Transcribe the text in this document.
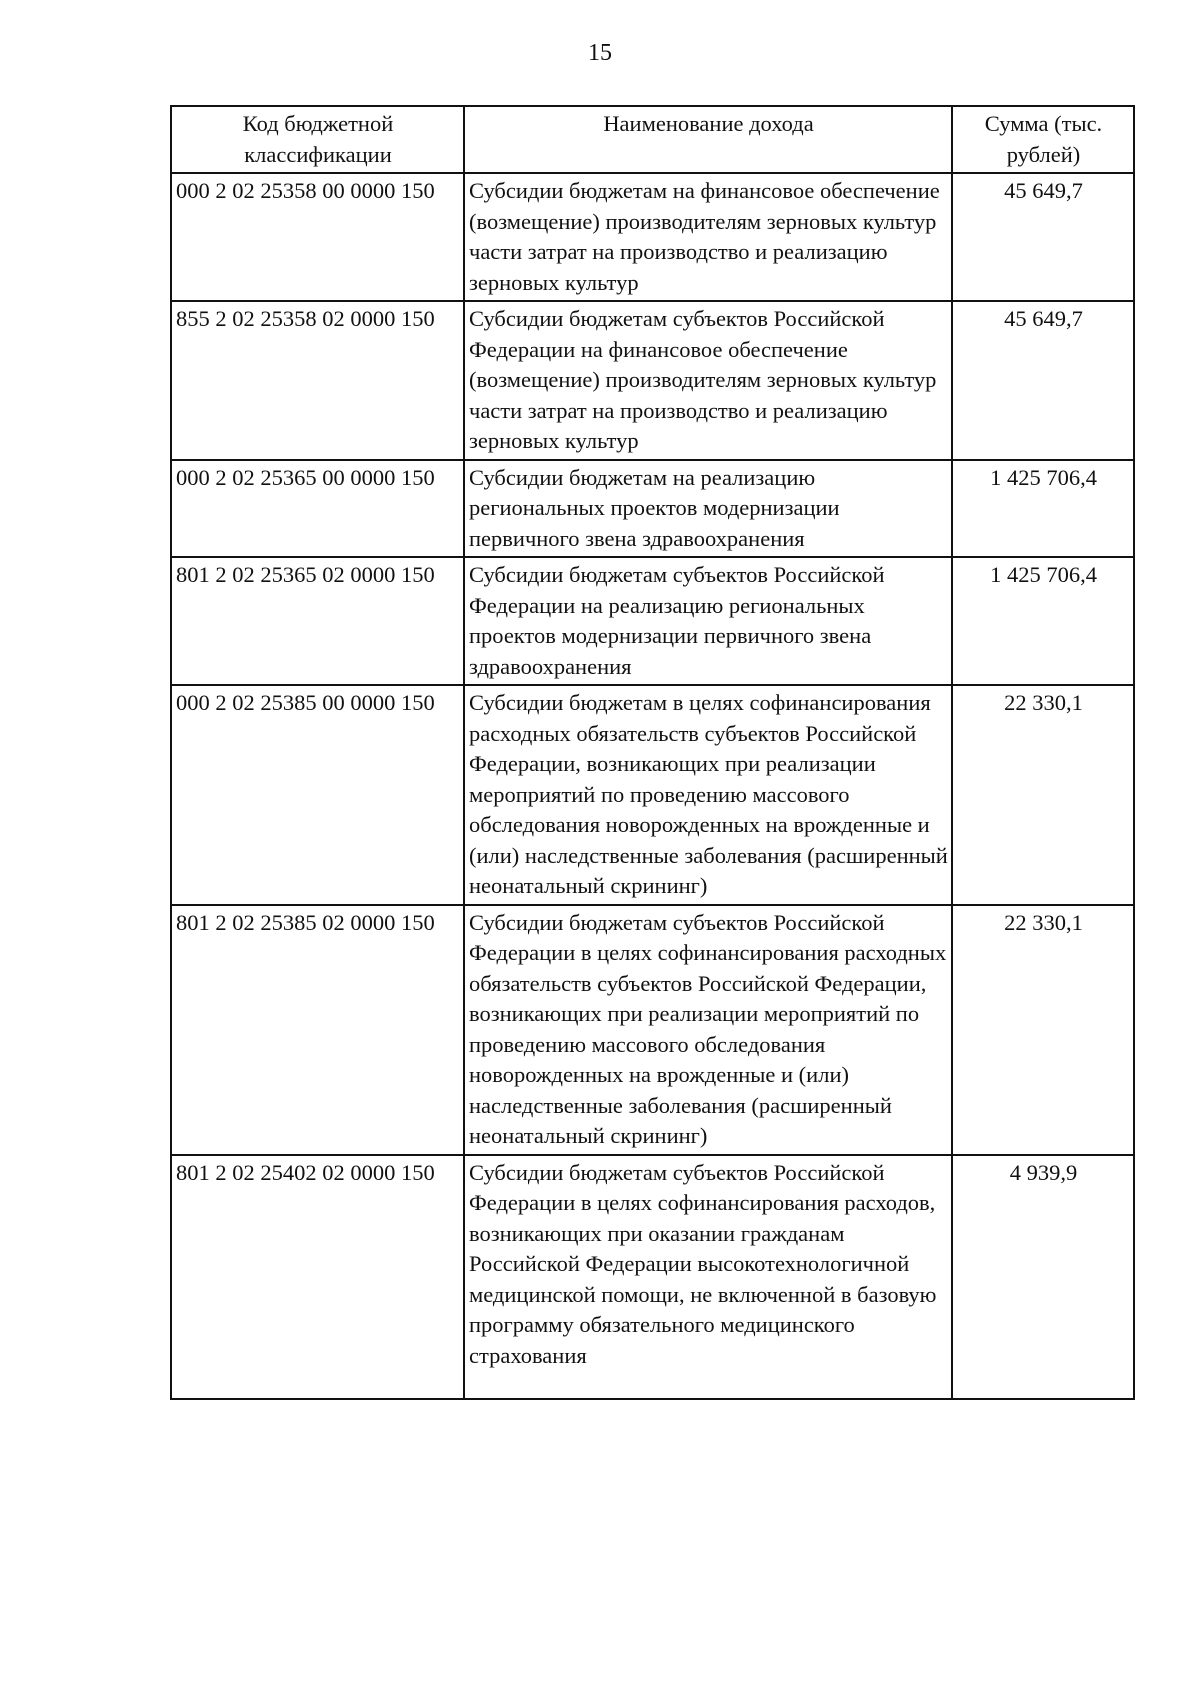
15
Код бюджетной классификации	Наименование дохода	Сумма (тыс. рублей)
000 2 02 25358 00 0000 150	Субсидии бюджетам на финансовое обеспечение (возмещение) производителям зерновых культур части затрат на производство и реализацию зерновых культур	45 649,7
855 2 02 25358 02 0000 150	Субсидии бюджетам субъектов Российской Федерации на финансовое обеспечение (возмещение) производителям зерновых культур части затрат на производство и реализацию зерновых культур	45 649,7
000 2 02 25365 00 0000 150	Субсидии бюджетам на реализацию региональных проектов модернизации первичного звена здравоохранения	1 425 706,4
801 2 02 25365 02 0000 150	Субсидии бюджетам субъектов Российской Федерации на реализацию региональных проектов модернизации первичного звена здравоохранения	1 425 706,4
000 2 02 25385 00 0000 150	Субсидии бюджетам в целях софинансирования расходных обязательств субъектов Российской Федерации, возникающих при реализации мероприятий по проведению массового обследования новорожденных на врожденные и (или) наследственные заболевания (расширенный неонатальный скрининг)	22 330,1
801 2 02 25385 02 0000 150	Субсидии бюджетам субъектов Российской Федерации в целях софинансирования расходных обязательств субъектов Российской Федерации, возникающих при реализации мероприятий по проведению массового обследования новорожденных на врожденные и (или) наследственные заболевания (расширенный неонатальный скрининг)	22 330,1
801 2 02 25402 02 0000 150	Субсидии бюджетам субъектов Российской Федерации в целях софинансирования расходов, возникающих при оказании гражданам Российской Федерации высокотехнологичной медицинской помощи, не включенной в базовую программу обязательного медицинского страхования	4 939,9
